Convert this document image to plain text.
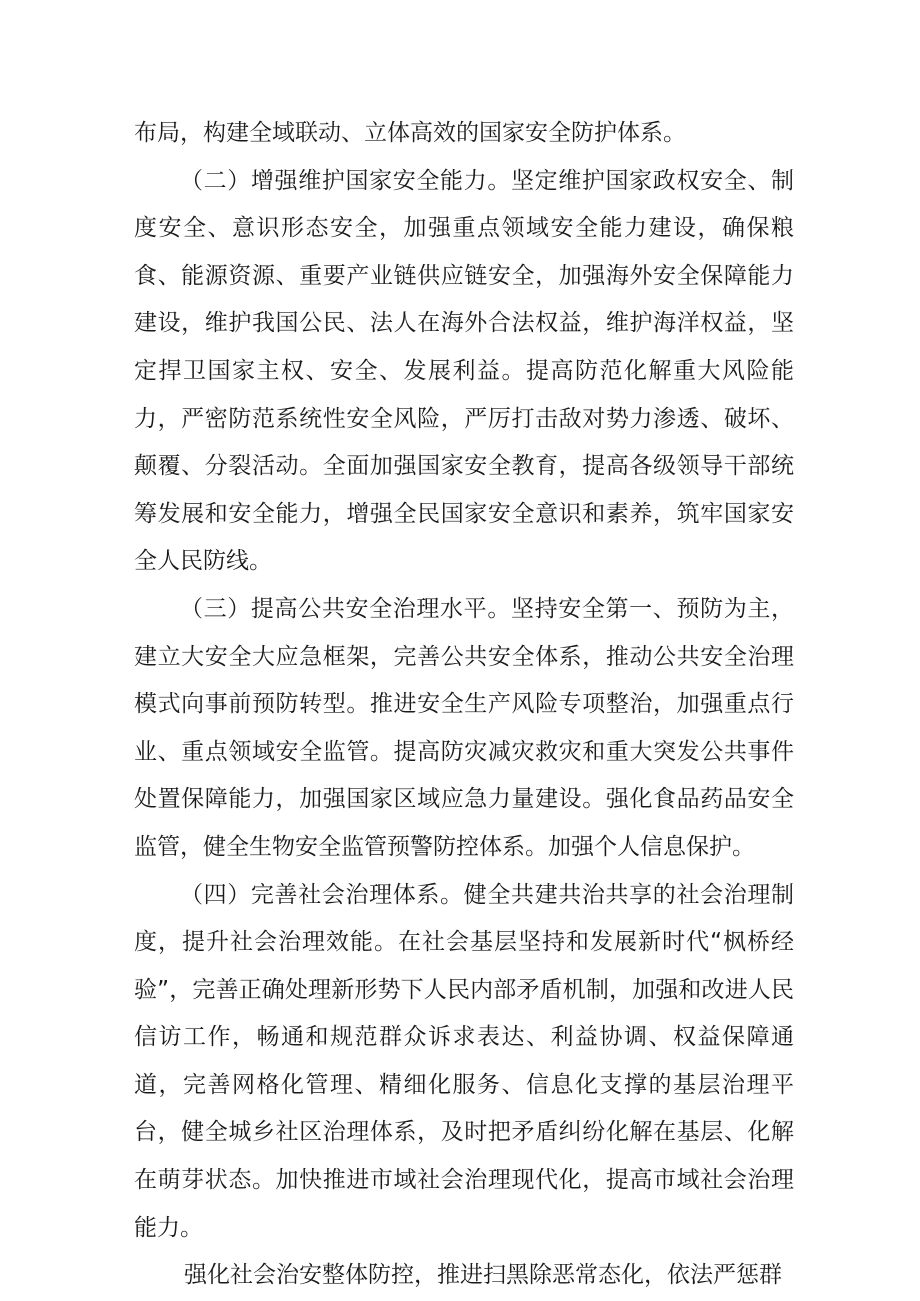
布局，构建全域联动、立体高效的国家安全防护体系。

（二）增强维护国家安全能力。坚定维护国家政权安全、制度安全、意识形态安全，加强重点领域安全能力建设，确保粮食、能源资源、重要产业链供应链安全，加强海外安全保障能力建设，维护我国公民、法人在海外合法权益，维护海洋权益，坚定捍卫国家主权、安全、发展利益。提高防范化解重大风险能力，严密防范系统性安全风险，严厉打击敌对势力渗透、破坏、颠覆、分裂活动。全面加强国家安全教育，提高各级领导干部统筹发展和安全能力，增强全民国家安全意识和素养，筑牢国家安全人民防线。

（三）提高公共安全治理水平。坚持安全第一、预防为主，建立大安全大应急框架，完善公共安全体系，推动公共安全治理模式向事前预防转型。推进安全生产风险专项整治，加强重点行业、重点领域安全监管。提高防灾减灾救灾和重大突发公共事件处置保障能力，加强国家区域应急力量建设。强化食品药品安全监管，健全生物安全监管预警防控体系。加强个人信息保护。

（四）完善社会治理体系。健全共建共治共享的社会治理制度，提升社会治理效能。在社会基层坚持和发展新时代“枫桥经验”，完善正确处理新形势下人民内部矛盾机制，加强和改进人民信访工作，畅通和规范群众诉求表达、利益协调、权益保障通道，完善网格化管理、精细化服务、信息化支撑的基层治理平台，健全城乡社区治理体系，及时把矛盾纠纷化解在基层、化解在萌芽状态。加快推进市域社会治理现代化，提高市域社会治理能力。

强化社会治安整体防控，推进扫黑除恶常态化，依法严惩群
